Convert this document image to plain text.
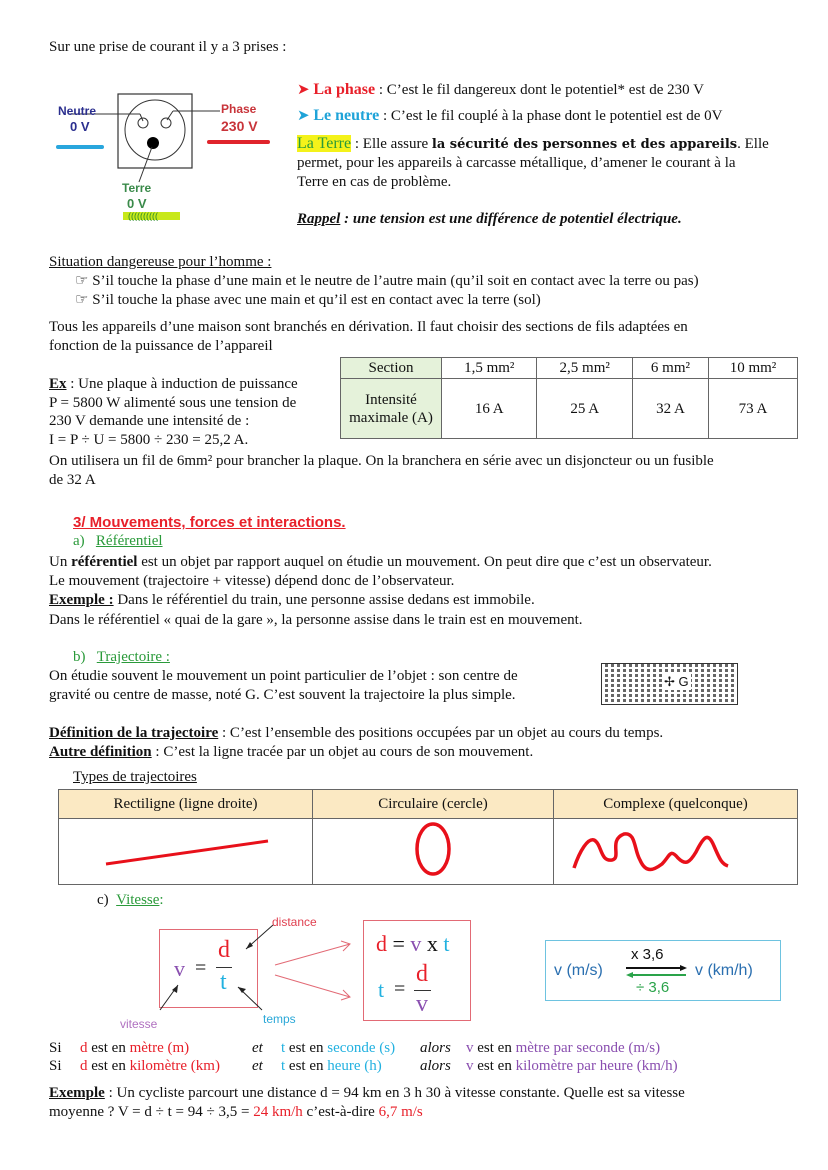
Sur une prise de courant il y a 3 prises :
((((((((((
Neutre
0 V
Phase
230 V
Terre
0 V
➤ La phase : C’est le fil dangereux dont le potentiel* est de 230 V
➤ Le neutre : C’est le fil couplé à la phase dont le potentiel est de 0V
La Terre : Elle assure la sécurité des personnes et des appareils. Elle
permet, pour les appareils à carcasse métallique, d’amener le courant à la
Terre en cas de problème.
Rappel : une tension est une différence de potentiel électrique.
Situation dangereuse pour l’homme :
☞ S’il touche la phase d’une main et le neutre de l’autre main (qu’il soit en contact avec la terre ou pas)
☞ S’il touche la phase avec une main et qu’il est en contact avec la terre (sol)
Tous les appareils d’une maison sont branchés en dérivation. Il faut choisir des sections de fils adaptées en
fonction de la puissance de l’appareil
Section	1,5 mm²	2,5 mm²	6 mm²	10 mm²
Intensité maximale (A)	16 A	25 A	32 A	73 A
Ex : Une plaque à induction de puissance
P = 5800 W alimenté sous une tension de
230 V demande une intensité de :
I = P ÷ U = 5800 ÷ 230 = 25,2 A.
On utilisera un fil de 6mm² pour brancher la plaque. On la branchera en série avec un disjoncteur ou un fusible
de 32 A
3/ Mouvements, forces et interactions.
a) Référentiel
Un référentiel est un objet par rapport auquel on étudie un mouvement. On peut dire que c’est un observateur.
Le mouvement (trajectoire + vitesse) dépend donc de l’observateur.
Exemple : Dans le référentiel du train, une personne assise dedans est immobile.
Dans le référentiel « quai de la gare », la personne assise dans le train est en mouvement.
b) Trajectoire :
On étudie souvent le mouvement un point particulier de l’objet : son centre de
gravité ou centre de masse, noté G. C’est souvent la trajectoire la plus simple.
✢ G
Définition de la trajectoire : C’est l’ensemble des positions occupées par un objet au cours du temps.
Autre définition : C’est la ligne tracée par un objet au cours de son mouvement.
Types de trajectoires
Rectiligne (ligne droite)	Circulaire (cercle)	Complexe (quelconque)

c) Vitesse:
v =
d
t
distance
temps
vitesse
d = v x t
t =
d
v
v (m/s)
x 3,6
÷ 3,6
v (km/h)
Si d est en mètre (m)	et t est en seconde (s) alors v est en mètre par seconde (m/s)
Si d est en kilomètre (km) et t est en heure (h)	alors v est en kilomètre par heure (km/h)
Exemple : Un cycliste parcourt une distance d = 94 km en 3 h 30 à vitesse constante. Quelle est sa vitesse
moyenne ? V = d ÷ t = 94 ÷ 3,5 = 24 km/h c’est-à-dire 6,7 m/s
